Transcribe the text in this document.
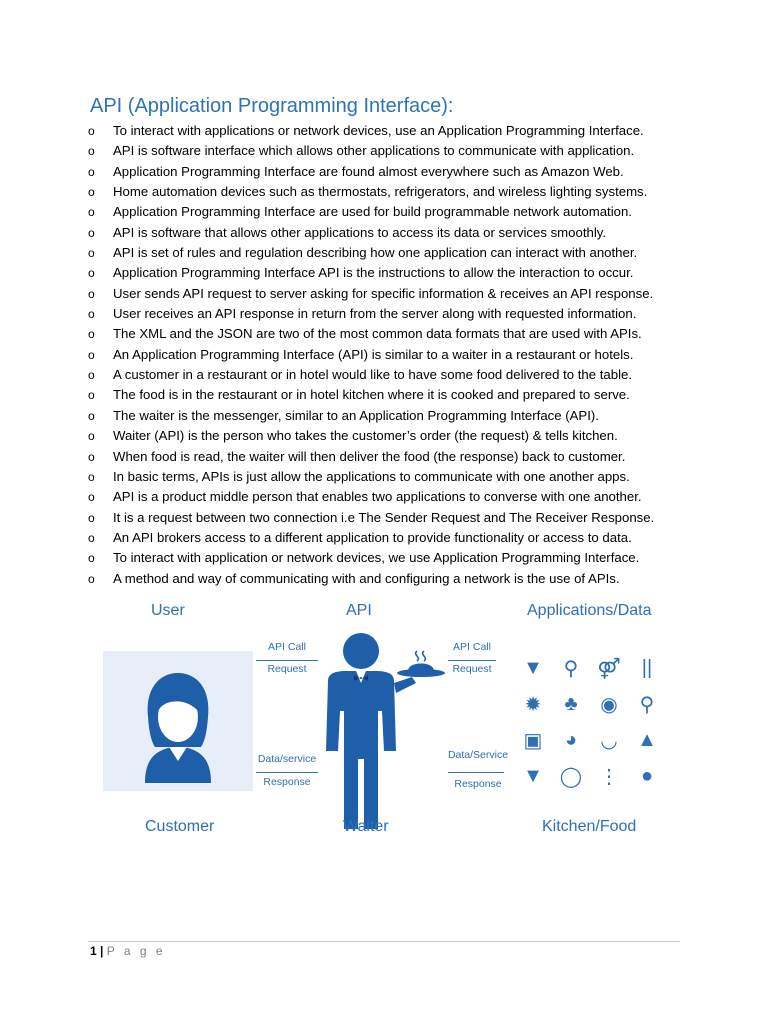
API (Application Programming Interface):
o	To interact with applications or network devices, use an Application Programming Interface.
o	API is software interface which allows other applications to communicate with application.
o	Application Programming Interface are found almost everywhere such as Amazon Web.
o	Home automation devices such as thermostats, refrigerators, and wireless lighting systems.
o	Application Programming Interface are used for build programmable network automation.
o	API is software that allows other applications to access its data or services smoothly.
o	API is set of rules and regulation describing how one application can interact with another.
o	Application Programming Interface API is the instructions to allow the interaction to occur.
o	User sends API request to server asking for specific information & receives an API response.
o	User receives an API response in return from the server along with requested information.
o	The XML and the JSON are two of the most common data formats that are used with APIs.
o	An Application Programming Interface (API) is similar to a waiter in a restaurant or hotels.
o	A customer in a restaurant or in hotel would like to have some food delivered to the table.
o	The food is in the restaurant or in hotel kitchen where it is cooked and prepared to serve.
o	The waiter is the messenger, similar to an Application Programming Interface (API).
o	Waiter (API) is the person who takes the customer’s order (the request) & tells kitchen.
o	When food is read, the waiter will then deliver the food (the response) back to customer.
o	In basic terms, APIs is just allow the applications to communicate with one another apps.
o	API is a product middle person that enables two applications to converse with one another.
o	It is a request between two connection i.e The Sender Request and The Receiver Response.
o	An API brokers access to a different application to provide functionality or access to data.
o	To interact with application or network devices, we use Application Programming Interface.
o	A method and way of communicating with and configuring a network is the use of APIs.
User	API	Applications/Data
API Call
Request
Data/service
Response
API Call
Request
Data/Service
Response
▼	⚲ ⚤	||
✹	♣	◉	⚲
▣	◕	◡ ▲
▼ ◯ ⋮	●
Customer	Waiter	Kitchen/Food
1 | P a g e
